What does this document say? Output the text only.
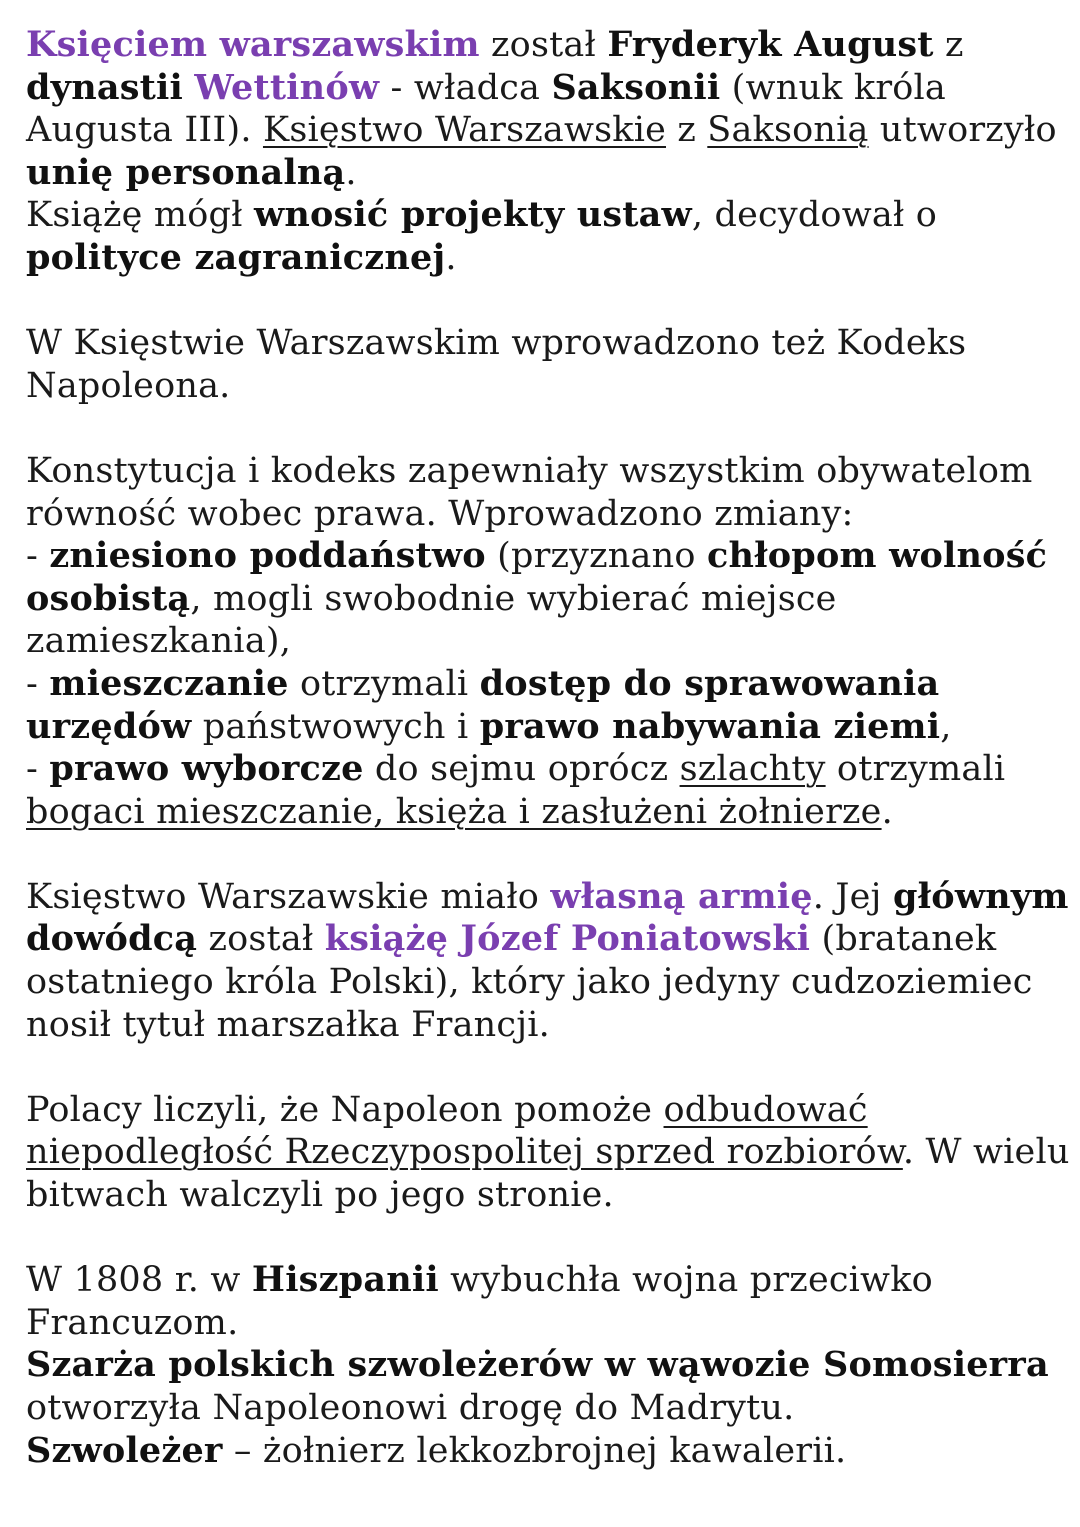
Księciem warszawskim został Fryderyk August z
dynastii Wettinów - władca Saksonii (wnuk króla
Augusta III). Księstwo Warszawskie z Saksonią utworzyło
unię personalną.
Książę mógł wnosić projekty ustaw, decydował o
polityce zagranicznej.

W Księstwie Warszawskim wprowadzono też Kodeks
Napoleona.

Konstytucja i kodeks zapewniały wszystkim obywatelom
równość wobec prawa. Wprowadzono zmiany:
- zniesiono poddaństwo (przyznano chłopom wolność
osobistą, mogli swobodnie wybierać miejsce
zamieszkania),
- mieszczanie otrzymali dostęp do sprawowania
urzędów państwowych i prawo nabywania ziemi,
- prawo wyborcze do sejmu oprócz szlachty otrzymali
bogaci mieszczanie, księża i zasłużeni żołnierze.

Księstwo Warszawskie miało własną armię. Jej głównym
dowódcą został książę Józef Poniatowski (bratanek
ostatniego króla Polski), który jako jedyny cudzoziemiec
nosił tytuł marszałka Francji.

Polacy liczyli, że Napoleon pomoże odbudować
niepodległość Rzeczypospolitej sprzed rozbiorów. W wielu
bitwach walczyli po jego stronie.

W 1808 r. w Hiszpanii wybuchła wojna przeciwko
Francuzom.
Szarża polskich szwoleżerów w wąwozie Somosierra
otworzyła Napoleonowi drogę do Madrytu.
Szwoleżer – żołnierz lekkozbrojnej kawalerii.
